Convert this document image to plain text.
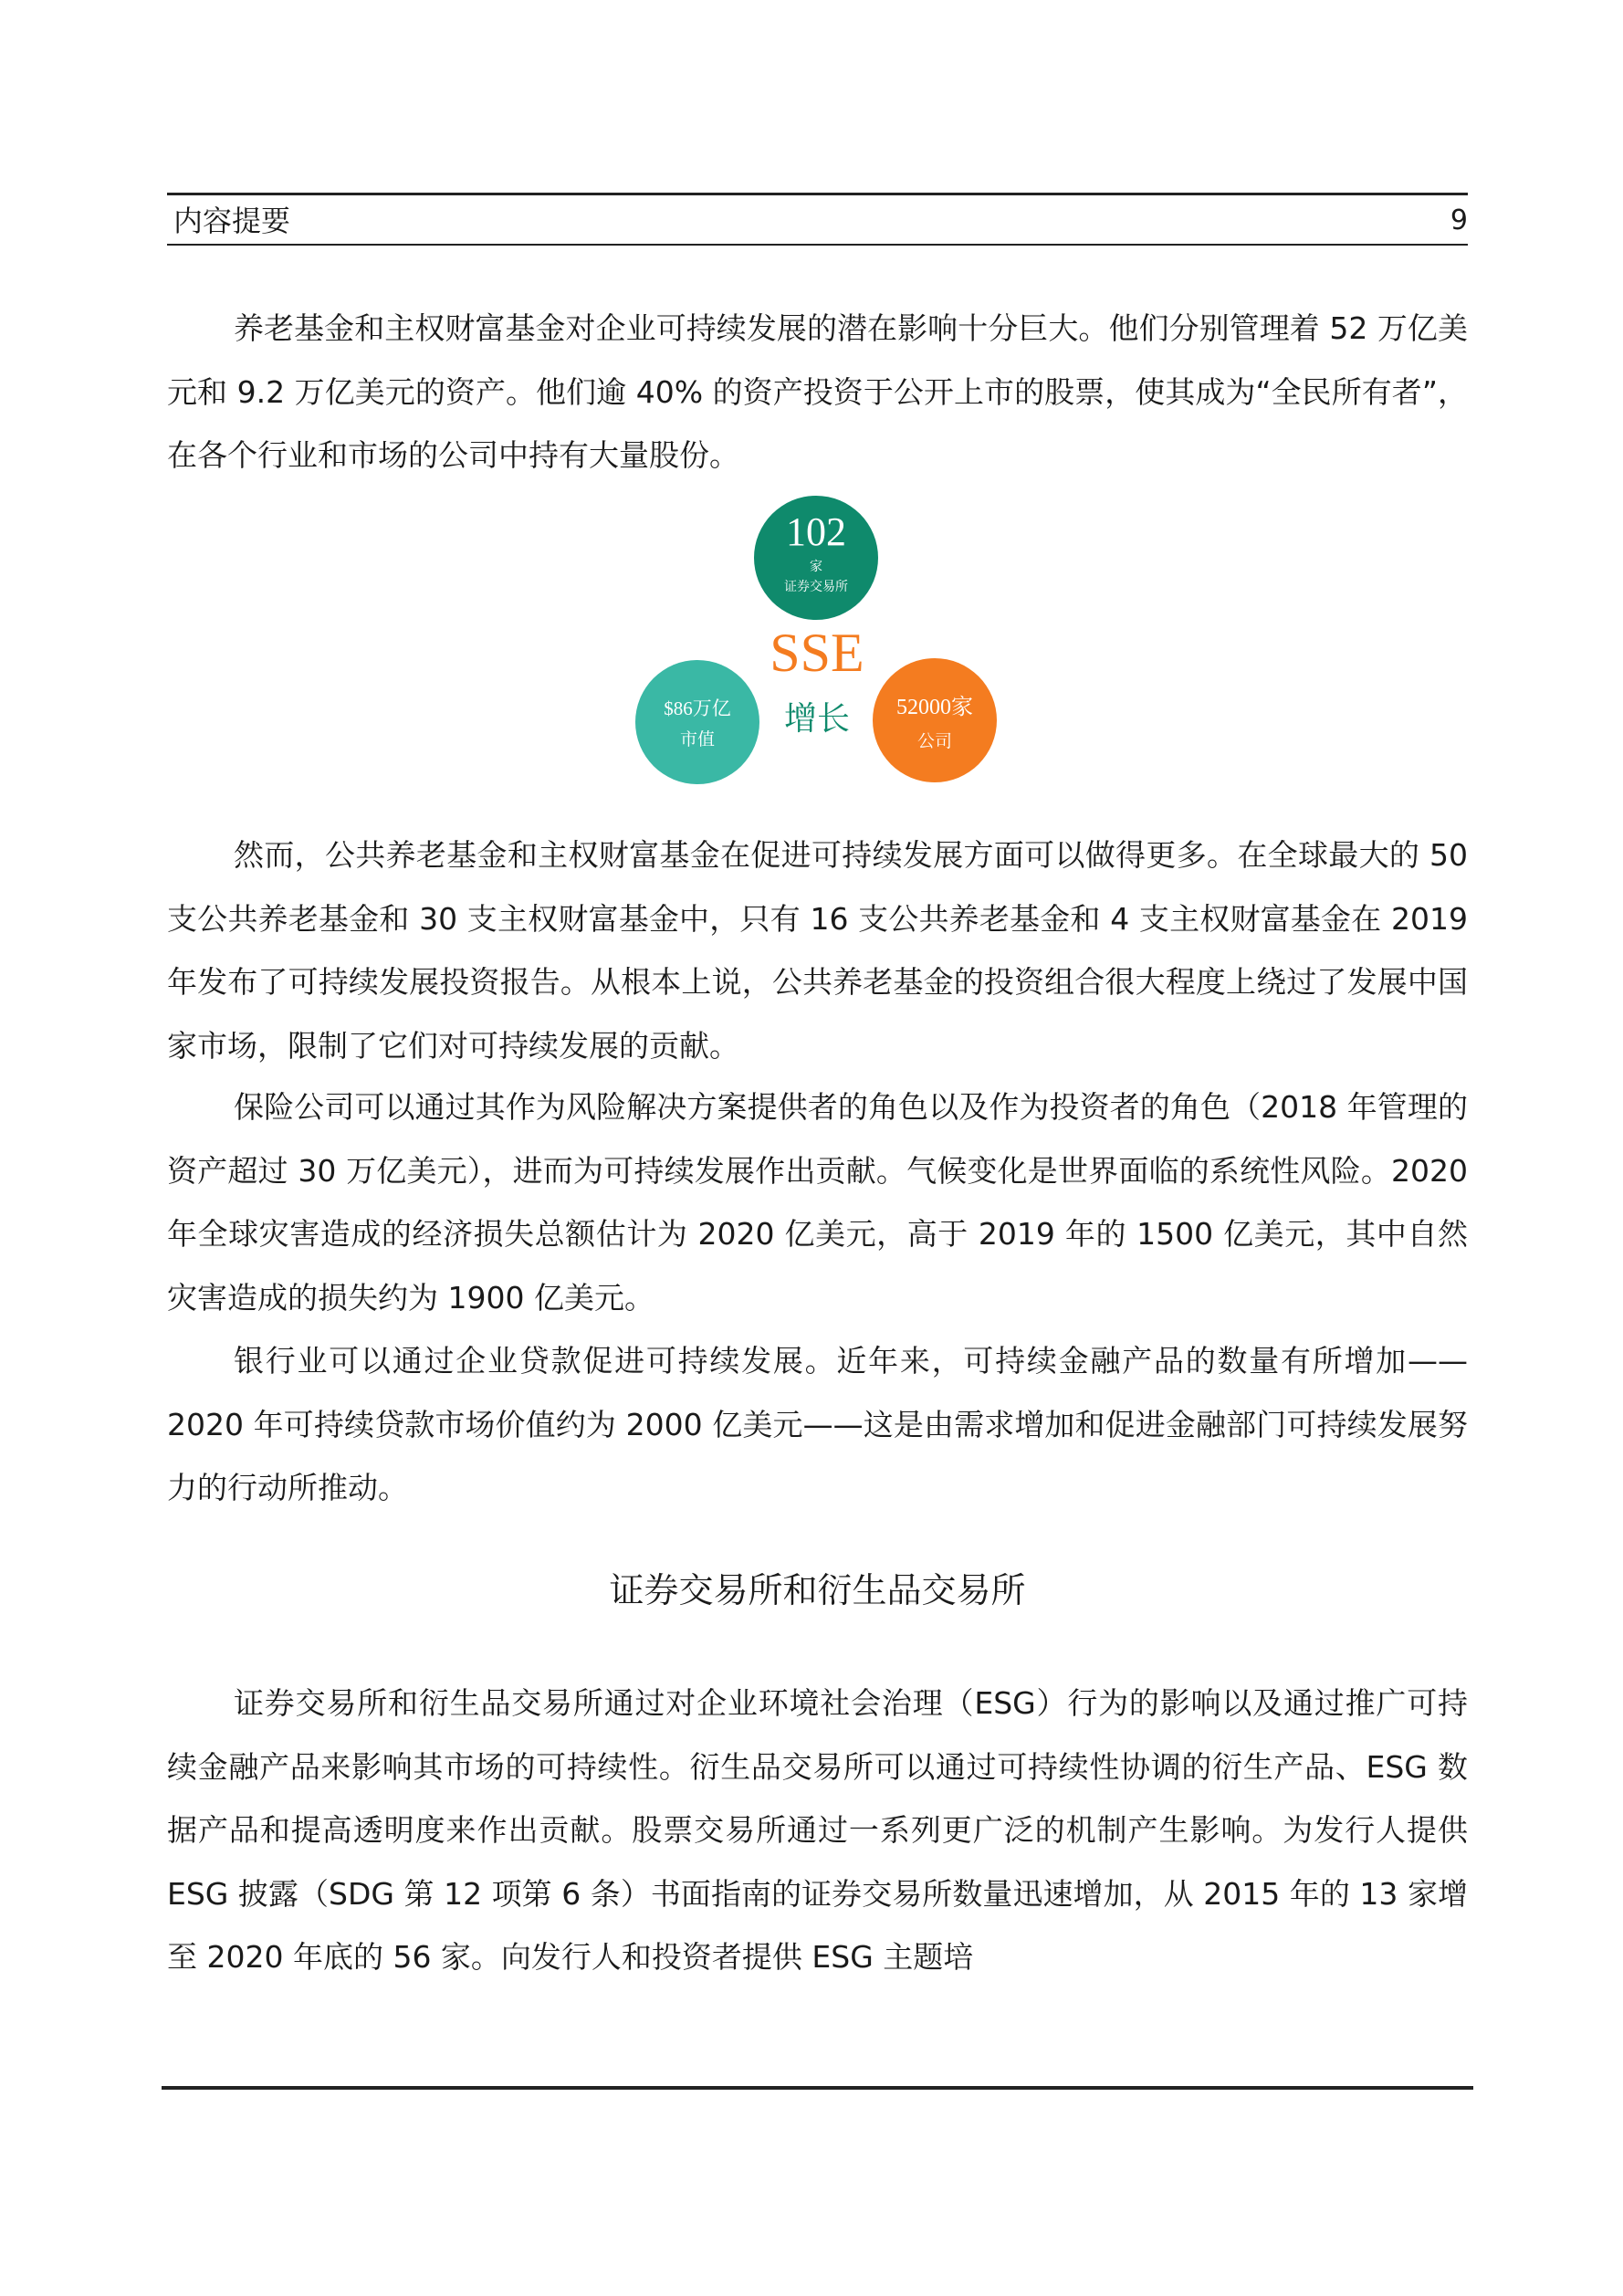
内容提要	9

养老基金和主权财富基金对企业可持续发展的潜在影响十分巨大。他们分别管理着 52 万亿美元和 9.2 万亿美元的资产。他们逾 40% 的资产投资于公开上市的股票，使其成为“全民所有者”，在各个行业和市场的公司中持有大量股份。

102
家
证券交易所
SSE
增长
$86万亿
市值
52000家
公司

然而，公共养老基金和主权财富基金在促进可持续发展方面可以做得更多。在全球最大的 50 支公共养老基金和 30 支主权财富基金中，只有 16 支公共养老基金和 4 支主权财富基金在 2019 年发布了可持续发展投资报告。从根本上说，公共养老基金的投资组合很大程度上绕过了发展中国家市场，限制了它们对可持续发展的贡献。

保险公司可以通过其作为风险解决方案提供者的角色以及作为投资者的角色（2018 年管理的资产超过 30 万亿美元），进而为可持续发展作出贡献。气候变化是世界面临的系统性风险。2020 年全球灾害造成的经济损失总额估计为 2020 亿美元，高于 2019 年的 1500 亿美元，其中自然灾害造成的损失约为 1900 亿美元。

银行业可以通过企业贷款促进可持续发展。近年来，可持续金融产品的数量有所增加——2020 年可持续贷款市场价值约为 2000 亿美元——这是由需求增加和促进金融部门可持续发展努力的行动所推动。

证券交易所和衍生品交易所

证券交易所和衍生品交易所通过对企业环境社会治理（ESG）行为的影响以及通过推广可持续金融产品来影响其市场的可持续性。衍生品交易所可以通过可持续性协调的衍生产品、ESG 数据产品和提高透明度来作出贡献。股票交易所通过一系列更广泛的机制产生影响。为发行人提供 ESG 披露（SDG 第 12 项第 6 条）书面指南的证券交易所数量迅速增加，从 2015 年的 13 家增至 2020 年底的 56 家。向发行人和投资者提供 ESG 主题培
